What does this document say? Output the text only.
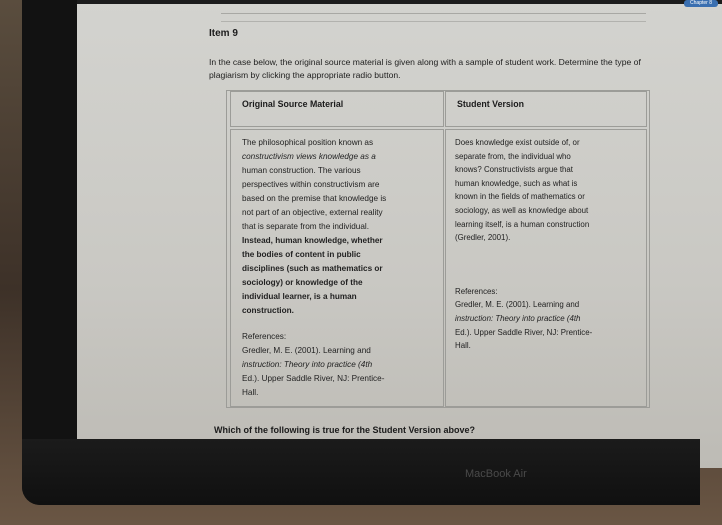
Chapter 8
Item 9
In the case below, the original source material is given along with a sample of student work. Determine the type of plagiarism by clicking the appropriate radio button.
Original Source Material	Student Version

The philosophical position known as

constructivism views knowledge as a

human construction. The various

perspectives within constructivism are

based on the premise that knowledge is

not part of an objective, external reality

that is separate from the individual.

Instead, human knowledge, whether

the bodies of content in public

disciplines (such as mathematics or

sociology) or knowledge of the

individual learner, is a human

construction.

References:

Gredler, M. E. (2001). Learning and

instruction: Theory into practice (4th

Ed.). Upper Saddle River, NJ: Prentice-

Hall.

Does knowledge exist outside of, or

separate from, the individual who

knows? Constructivists argue that

human knowledge, such as what is

known in the fields of mathematics or

sociology, as well as knowledge about

learning itself, is a human construction

(Gredler, 2001).

References:

Gredler, M. E. (2001). Learning and

instruction: Theory into practice (4th

Ed.). Upper Saddle River, NJ: Prentice-

Hall.

Which of the following is true for the Student Version above?
MacBook Air
